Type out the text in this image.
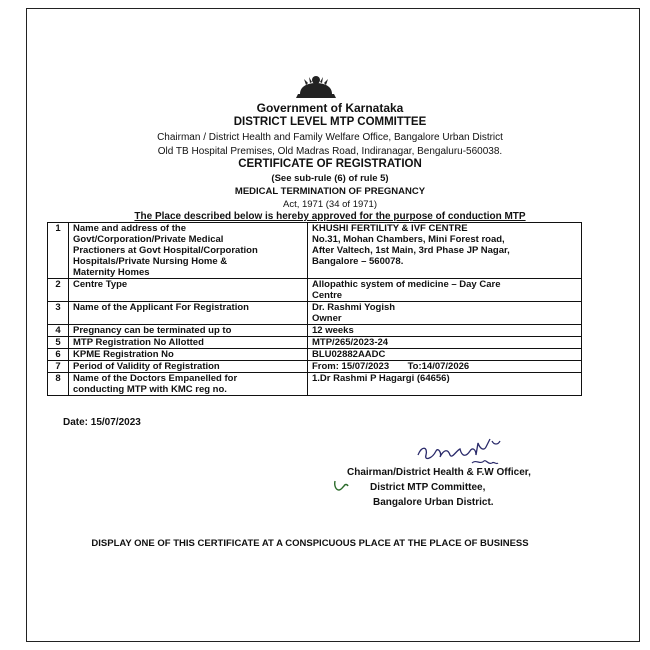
Government of Karnataka
DISTRICT LEVEL MTP COMMITTEE
Chairman / District Health and Family Welfare Office, Bangalore Urban District
Old TB Hospital Premises, Old Madras Road, Indiranagar, Bengaluru-560038.
CERTIFICATE OF REGISTRATION
(See sub-rule (6) of rule 5)
MEDICAL TERMINATION OF PREGNANCY
Act, 1971 (34 of 1971)
The Place described below is hereby approved for the purpose of conduction MTP
1	Name and address of the
Govt/Corporation/Private Medical
Practioners at Govt Hospital/Corporation
Hospitals/Private Nursing Home &
Maternity Homes	KHUSHI FERTILITY & IVF CENTRE
No.31, Mohan Chambers, Mini Forest road,
After Valtech, 1st Main, 3rd Phase JP Nagar,
Bangalore – 560078.

2	Centre Type	Allopathic system of medicine – Day Care
Centre

3	Name of the Applicant For Registration	Dr. Rashmi Yogish
Owner

4	Pregnancy can be terminated up to	12 weeks
5	MTP Registration No Allotted	MTP/265/2023-24
6	KPME Registration No	BLU02882AADC
7	Period of Validity of Registration	From: 15/07/2023       To:14/07/2026
8	Name of the Doctors Empanelled for
conducting MTP with KMC reg no.	1.Dr Rashmi P Hagargi (64656)
Date: 15/07/2023
Chairman/District Health & F.W Officer,
District MTP Committee,
Bangalore Urban District.
DISPLAY ONE OF THIS CERTIFICATE AT A CONSPICUOUS PLACE AT THE PLACE OF BUSINESS
